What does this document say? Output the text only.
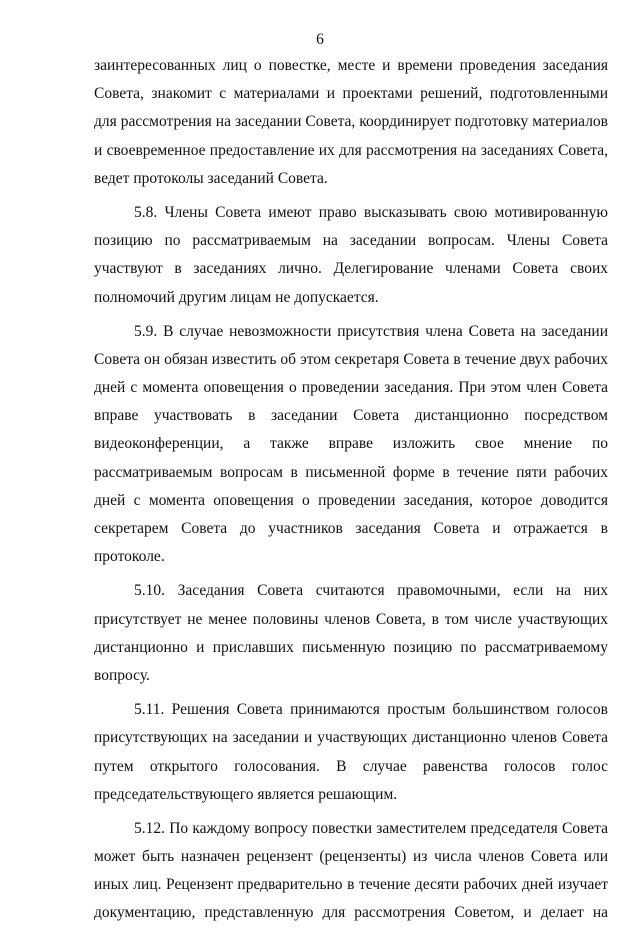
6
заинтересованных лиц о повестке, месте и времени проведения заседания
Совета, знакомит с материалами и проектами решений, подготовленными
для рассмотрения на заседании Совета, координирует подготовку материалов
и своевременное предоставление их для рассмотрения на заседаниях Совета,
ведет протоколы заседаний Совета.
5.8. Члены Совета имеют право высказывать свою мотивированную
позицию по рассматриваемым на заседании вопросам. Члены Совета
участвуют в заседаниях лично. Делегирование членами Совета своих
полномочий другим лицам не допускается.
5.9. В случае невозможности присутствия члена Совета на заседании
Совета он обязан известить об этом секретаря Совета в течение двух рабочих
дней с момента оповещения о проведении заседания. При этом член Совета
вправе участвовать в заседании Совета дистанционно посредством
видеоконференции, а также вправе изложить свое мнение по
рассматриваемым вопросам в письменной форме в течение пяти рабочих
дней с момента оповещения о проведении заседания, которое доводится
секретарем Совета до участников заседания Совета и отражается в
протоколе.
5.10. Заседания Совета считаются правомочными, если на них
присутствует не менее половины членов Совета, в том числе участвующих
дистанционно и приславших письменную позицию по рассматриваемому
вопросу.
5.11. Решения Совета принимаются простым большинством голосов
присутствующих на заседании и участвующих дистанционно членов Совета
путем открытого голосования. В случае равенства голосов голос
председательствующего является решающим.
5.12. По каждому вопросу повестки заместителем председателя Совета
может быть назначен рецензент (рецензенты) из числа членов Совета или
иных лиц. Рецензент предварительно в течение десяти рабочих дней изучает
документацию, представленную для рассмотрения Советом, и делает на
